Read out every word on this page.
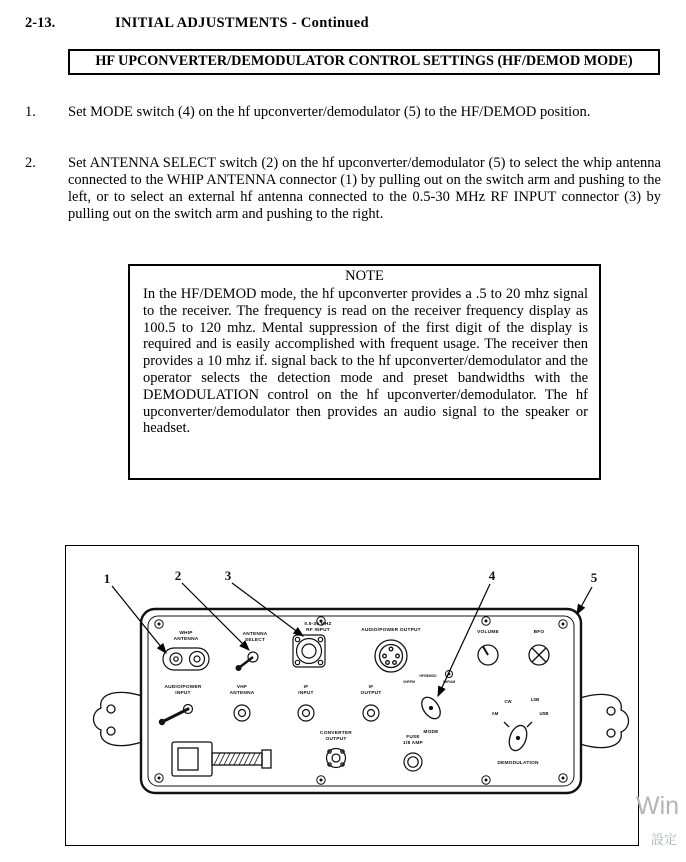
2-13.	INITIAL ADJUSTMENTS - Continued
HF UPCONVERTER/DEMODULATOR CONTROL SETTINGS (HF/DEMOD MODE)
1. Set MODE switch (4) on the hf upconverter/demodulator (5) to the HF/DEMOD position.
2. Set ANTENNA SELECT switch (2) on the hf upconverter/demodulator (5) to select the whip antenna connected to the WHIP ANTENNA connector (1) by pulling out on the switch arm and pushing to the left, or to select an external hf antenna connected to the 0.5-30 MHz RF INPUT connector (3) by pulling out on the switch arm and pushing to the right.
NOTE
In the HF/DEMOD mode, the hf upconverter provides a .5 to 20 mhz signal to the receiver. The frequency is read on the receiver frequency display as 100.5 to 120 mhz. Mental suppression of the first digit of the display is required and is easily accomplished with frequent usage. The receiver then provides a 10 mhz if. signal back to the hf upconverter/demodulator and the operator selects the detection mode and preset bandwidths with the DEMODULATION control on the hf upconverter/demodulator. The hf upconverter/demodulator then provides an audio signal to the speaker or headset.
WHIP
ANTENNA
ANTENNA
SELECT
0.5-30 MHZ
RF INPUT	AUDIO/POWER OUTPUT	VOLUME	BFO
AUDIO/POWER
INPUT
VHF
ANTENNA
IF
INPUT
IF
OUTPUT
VHF/FM
HF/DEMOD
VHF/AM
MODE
AM
CW	LSB
USB
DEMODULATION
CONVERTER
OUTPUT	FUSE
1/8 AMP
1	2	3	4	5
Win
設定
